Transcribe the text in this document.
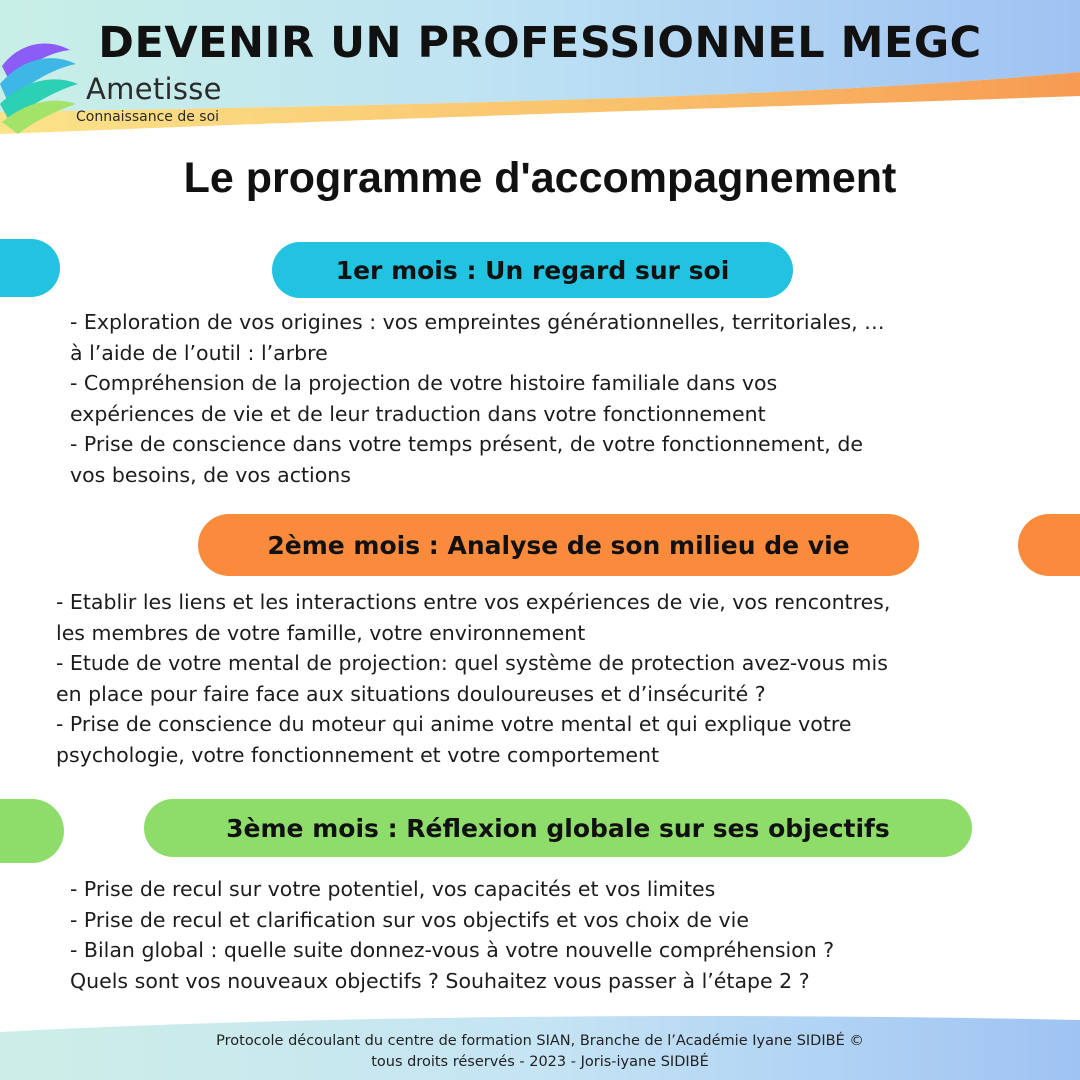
DEVENIR UN PROFESSIONNEL MEGC
Ametisse
Connaissance de soi
Le programme d'accompagnement
1er mois : Un regard sur soi
- Exploration de vos origines : vos empreintes générationnelles, territoriales, …
à l’aide de l’outil : l’arbre
- Compréhension de la projection de votre histoire familiale dans vos
expériences de vie et de leur traduction dans votre fonctionnement
- Prise de conscience dans votre temps présent, de votre fonctionnement, de
vos besoins, de vos actions
2ème mois : Analyse de son milieu de vie
- Etablir les liens et les interactions entre vos expériences de vie, vos rencontres,
les membres de votre famille, votre environnement
- Etude de votre mental de projection: quel système de protection avez-vous mis
en place pour faire face aux situations douloureuses et d’insécurité ?
- Prise de conscience du moteur qui anime votre mental et qui explique votre
psychologie, votre fonctionnement et votre comportement
3ème mois : Réflexion globale sur ses objectifs
- Prise de recul sur votre potentiel, vos capacités et vos limites
- Prise de recul et clarification sur vos objectifs et vos choix de vie
- Bilan global : quelle suite donnez-vous à votre nouvelle compréhension ?
Quels sont vos nouveaux objectifs ? Souhaitez vous passer à l’étape 2 ?
Protocole découlant du centre de formation SIAN, Branche de l’Académie Iyane SIDIBÉ ©
tous droits réservés - 2023 - Joris-iyane SIDIBÉ
